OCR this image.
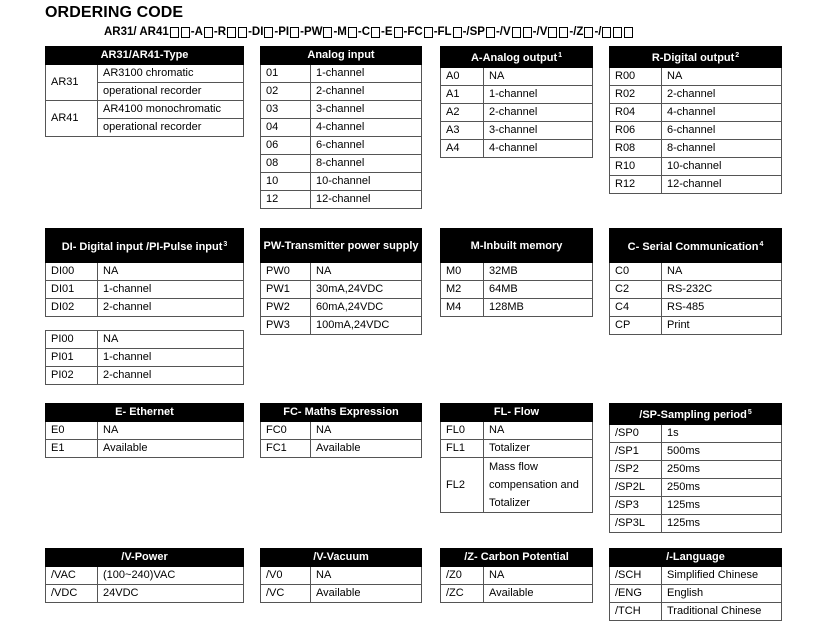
ORDERING CODE
AR31/ AR41 -A -R -DI -PI -PW -M -C -E -FC -FL -/SP -/V -/V -/Z -/
AR31/AR41-Type	
AR31	AR3100 chromatic
	operational recorder
AR41	AR4100 monochromatic
	operational recorder
Analog input	
01	1-channel
02	2-channel
03	3-channel
04	4-channel
06	6-channel
08	8-channel
10	10-channel
12	12-channel
A-Analog output$^1$
A0	NA
A1	1-channel
A2	2-channel
A3	3-channel
A4	4-channel
R-Digital output$^2$
R00	NA
R02	2-channel
R04	4-channel
R06	6-channel
R08	8-channel
R10	10-channel
R12	12-channel
DI- Digital input /PI-Pulse input$^3$
DI00	NA
DI01	1-channel
DI02	2-channel
PI00	NA
PI01	1-channel
PI02	2-channel
PW-Transmitter power supply	
PW0	NA
PW1	30mA,24VDC
PW2	60mA,24VDC
PW3	100mA,24VDC
M-Inbuilt memory	
M0	32MB
M2	64MB
M4	128MB
C- Serial Communication$^4$
C0	NA
C2	RS-232C
C4	RS-485
CP	Print
E- Ethernet	
E0	NA
E1	Available
FC- Maths Expression	
FC0	NA
FC1	Available
FL- Flow	
FL0	NA
FL1	Totalizer
FL2	Mass flow
compensation and
Totalizer
/SP-Sampling period$^5$
/SP0	1s
/SP1	500ms
/SP2	250ms
/SP2L	250ms
/SP3	125ms
/SP3L	125ms
/V-Power	
/VAC	(100~240)VAC
/VDC	24VDC
/V-Vacuum	
/V0	NA
/VC	Available
/Z- Carbon Potential	
/Z0	NA
/ZC	Available
/-Language	
/SCH	Simplified Chinese
/ENG	English
/TCH	Traditional Chinese
